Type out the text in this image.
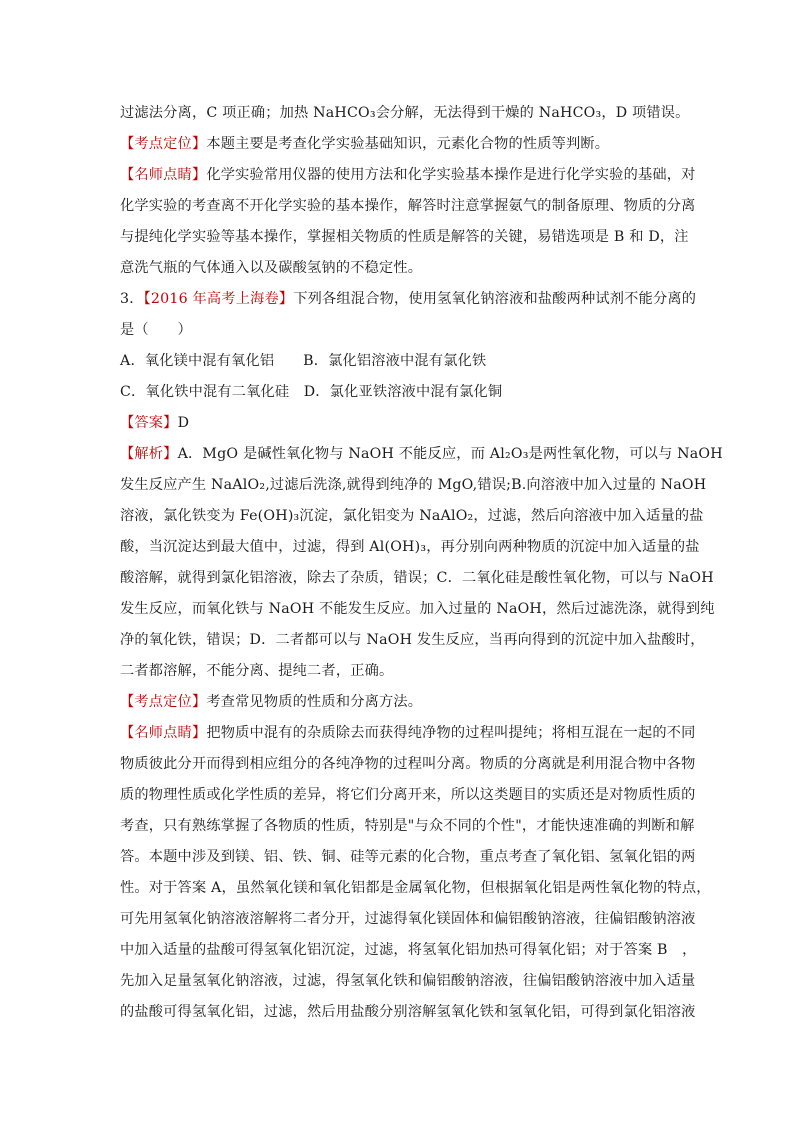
过滤法分离，C 项正确；加热 NaHCO₃会分解，无法得到干燥的 NaHCO₃，D 项错误。
【考点定位】本题主要是考查化学实验基础知识，元素化合物的性质等判断。
【名师点睛】化学实验常用仪器的使用方法和化学实验基本操作是进行化学实验的基础，对
化学实验的考查离不开化学实验的基本操作，解答时注意掌握氨气的制备原理、物质的分离
与提纯化学实验等基本操作，掌握相关物质的性质是解答的关键，易错选项是 B 和 D，注
意洗气瓶的气体通入以及碳酸氢钠的不稳定性。
3．【2016 年高考上海卷】下列各组混合物，使用氢氧化钠溶液和盐酸两种试剂不能分离的
是（　　）
A．氧化镁中混有氧化铝　　B．氯化铝溶液中混有氯化铁
C．氧化铁中混有二氧化硅　D．氯化亚铁溶液中混有氯化铜
【答案】D
【解析】A．MgO 是碱性氧化物与 NaOH 不能反应，而 Al₂O₃是两性氧化物，可以与 NaOH
发生反应产生 NaAlO₂,过滤后洗涤,就得到纯净的 MgO,错误;B.向溶液中加入过量的 NaOH
溶液，氯化铁变为 Fe(OH)₃沉淀，氯化铝变为 NaAlO₂，过滤，然后向溶液中加入适量的盐
酸，当沉淀达到最大值中，过滤，得到 Al(OH)₃，再分别向两种物质的沉淀中加入适量的盐
酸溶解，就得到氯化铝溶液，除去了杂质，错误；C．二氧化硅是酸性氧化物，可以与 NaOH
发生反应，而氧化铁与 NaOH 不能发生反应。加入过量的 NaOH，然后过滤洗涤，就得到纯
净的氧化铁，错误；D．二者都可以与 NaOH 发生反应，当再向得到的沉淀中加入盐酸时，
二者都溶解，不能分离、提纯二者，正确。
【考点定位】考查常见物质的性质和分离方法。
【名师点睛】把物质中混有的杂质除去而获得纯净物的过程叫提纯；将相互混在一起的不同
物质彼此分开而得到相应组分的各纯净物的过程叫分离。物质的分离就是利用混合物中各物
质的物理性质或化学性质的差异，将它们分离开来，所以这类题目的实质还是对物质性质的
考查，只有熟练掌握了各物质的性质，特别是"与众不同的个性"，才能快速准确的判断和解
答。本题中涉及到镁、铝、铁、铜、硅等元素的化合物，重点考查了氧化铝、氢氧化铝的两
性。对于答案 A，虽然氧化镁和氧化铝都是金属氧化物，但根据氧化铝是两性氧化物的特点，
可先用氢氧化钠溶液溶解将二者分开，过滤得氧化镁固体和偏铝酸钠溶液，往偏铝酸钠溶液
中加入适量的盐酸可得氢氧化铝沉淀，过滤，将氢氧化铝加热可得氧化铝；对于答案 B　，
先加入足量氢氧化钠溶液，过滤，得氢氧化铁和偏铝酸钠溶液，往偏铝酸钠溶液中加入适量
的盐酸可得氢氧化铝，过滤，然后用盐酸分别溶解氢氧化铁和氢氧化铝，可得到氯化铝溶液
